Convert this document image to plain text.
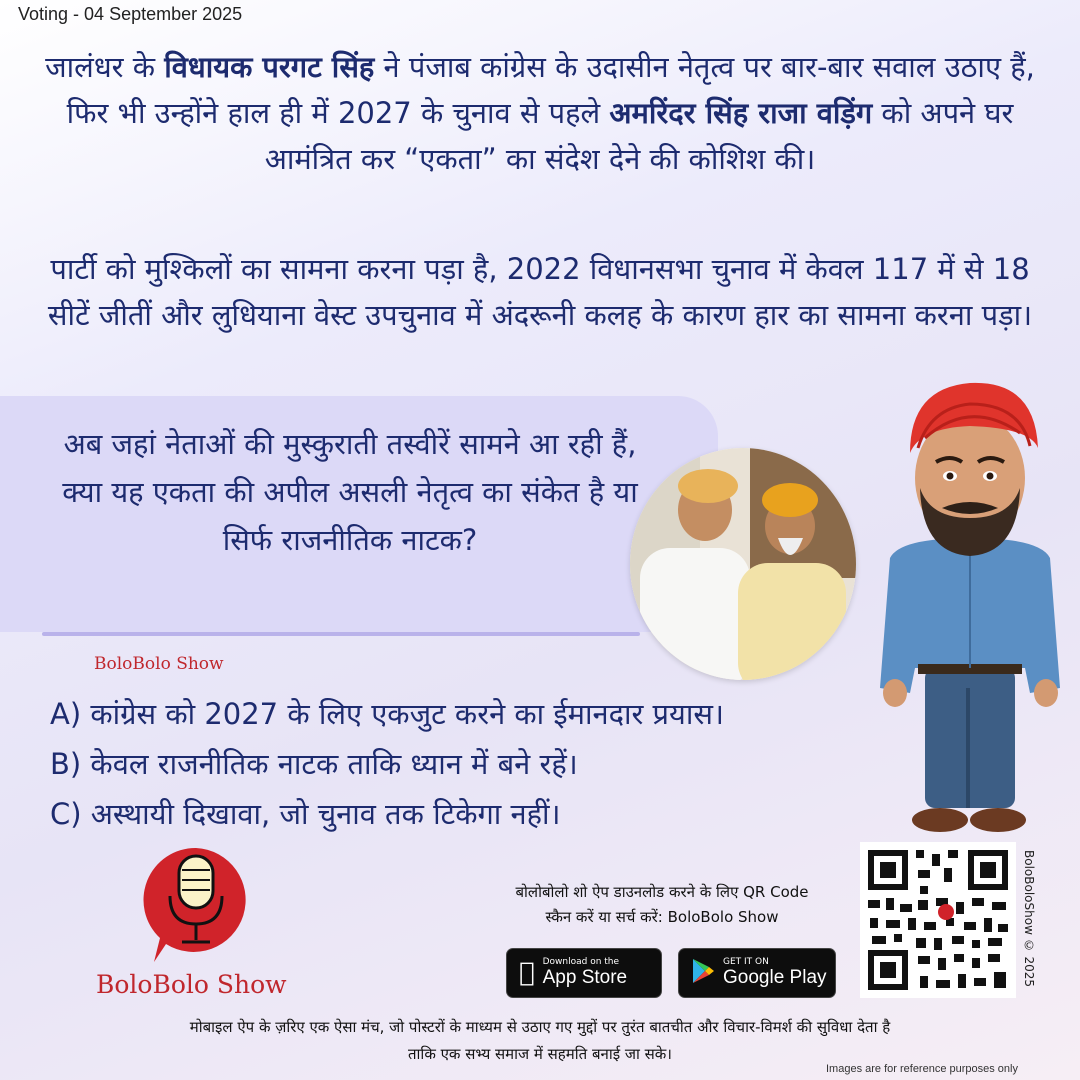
Voting - 04 September 2025
जालंधर के विधायक परगट सिंह ने पंजाब कांग्रेस के उदासीन नेतृत्व पर बार-बार सवाल उठाए हैं, फिर भी उन्होंने हाल ही में 2027 के चुनाव से पहले अमरिंदर सिंह राजा वड़िंग को अपने घर आमंत्रित कर “एकता” का संदेश देने की कोशिश की।
पार्टी को मुश्किलों का सामना करना पड़ा है, 2022 विधानसभा चुनाव में केवल 117 में से 18 सीटें जीतीं और लुधियाना वेस्ट उपचुनाव में अंदरूनी कलह के कारण हार का सामना करना पड़ा।
अब जहां नेताओं की मुस्कुराती तस्वीरें सामने आ रही हैं, क्या यह एकता की अपील असली नेतृत्व का संकेत है या सिर्फ राजनीतिक नाटक?
BoloBolo Show
A) कांग्रेस को 2027 के लिए एकजुट करने का ईमानदार प्रयास।
B) केवल राजनीतिक नाटक ताकि ध्यान में बने रहें।
C) अस्थायी दिखावा, जो चुनाव तक टिकेगा नहीं।
BoloBolo Show
बोलोबोलो शो ऐप डाउनलोड करने के लिए QR Code
स्कैन करें या सर्च करें: BoloBolo Show
Download on the
App Store
GET IT ON
Google Play	BoloBoloShow © 2025
मोबाइल ऐप के ज़रिए एक ऐसा मंच, जो पोस्टरों के माध्यम से उठाए गए मुद्दों पर तुरंत बातचीत और विचार-विमर्श की सुविधा देता है
ताकि एक सभ्य समाज में सहमति बनाई जा सके।
Images are for reference purposes only
